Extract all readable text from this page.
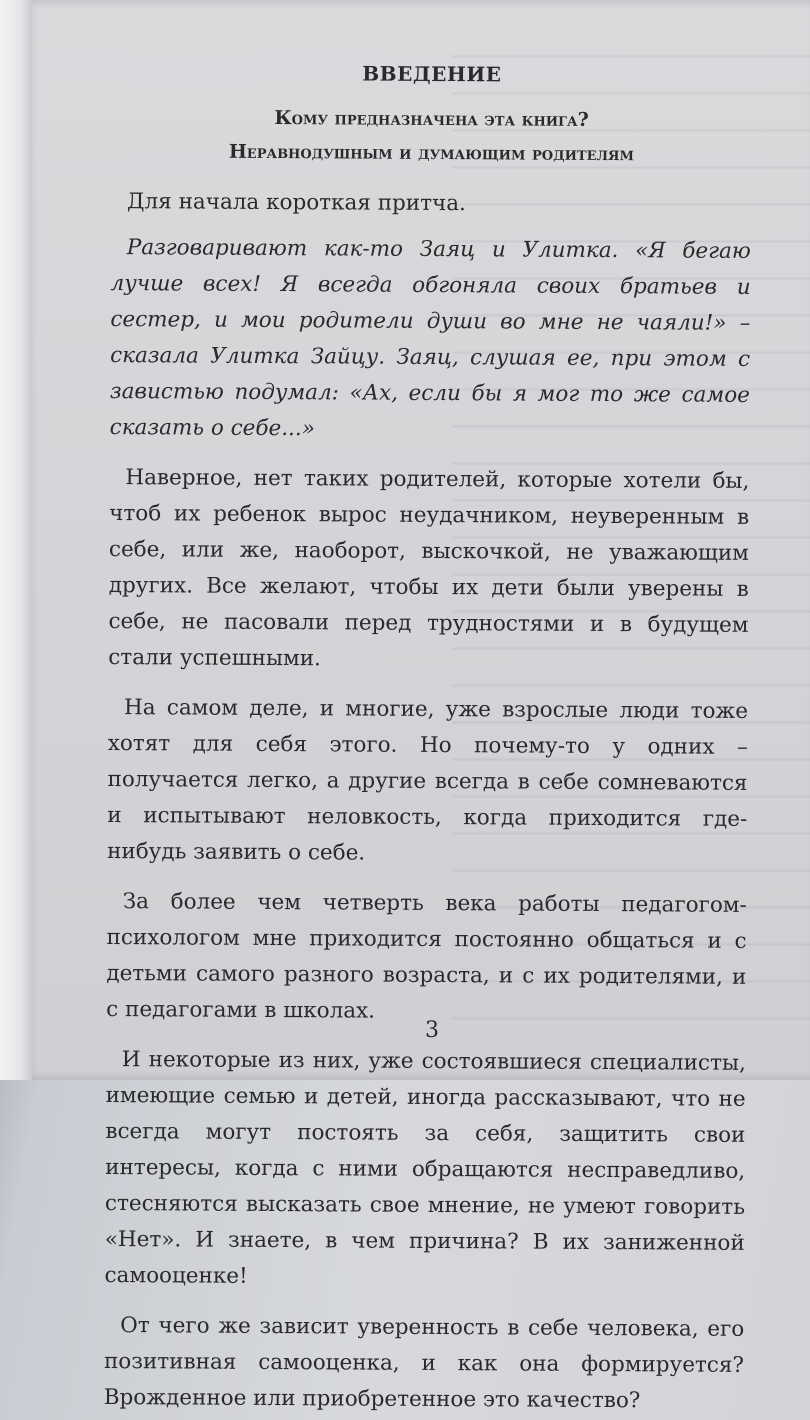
ВВЕДЕНИЕ
Кому предназначена эта книга?
Неравнодушным и думающим родителям

Для начала короткая притча.

Разговаривают как-то Заяц и Улитка. «Я бегаю лучше всех! Я всегда обгоняла своих братьев и сестер, и мои родители души во мне не чаяли!» – сказала Улитка Зайцу. Заяц, слушая ее, при этом с завистью подумал: «Ах, если бы я мог то же самое сказать о себе...»

Наверное, нет таких родителей, которые хотели бы, чтоб их ребенок вырос неудачником, неуверенным в себе, или же, наоборот, выскочкой, не уважающим других. Все желают, чтобы их дети были уверены в себе, не пасовали перед трудностями и в будущем стали успешными.

На самом деле, и многие, уже взрослые люди тоже хотят для себя этого. Но почему-то у одних – получается легко, а другие всегда в себе сомневаются и испытывают неловкость, когда приходится где-нибудь заявить о себе.

За более чем четверть века работы педагогом-психологом мне приходится постоянно общаться и с детьми самого разного возраста, и с их родителями, и с педагогами в школах.

И некоторые из них, уже состоявшиеся специалисты, имеющие семью и детей, иногда рассказывают, что не всегда могут постоять за себя, защитить свои интересы, когда с ними обращаются несправедливо, стесняются высказать свое мнение, не умеют говорить «Нет». И знаете, в чем причина? В их заниженной самооценке!

От чего же зависит уверенность в себе человека, его позитивная самооценка, и как она формируется? Врожденное или приобретенное это качество?

3
